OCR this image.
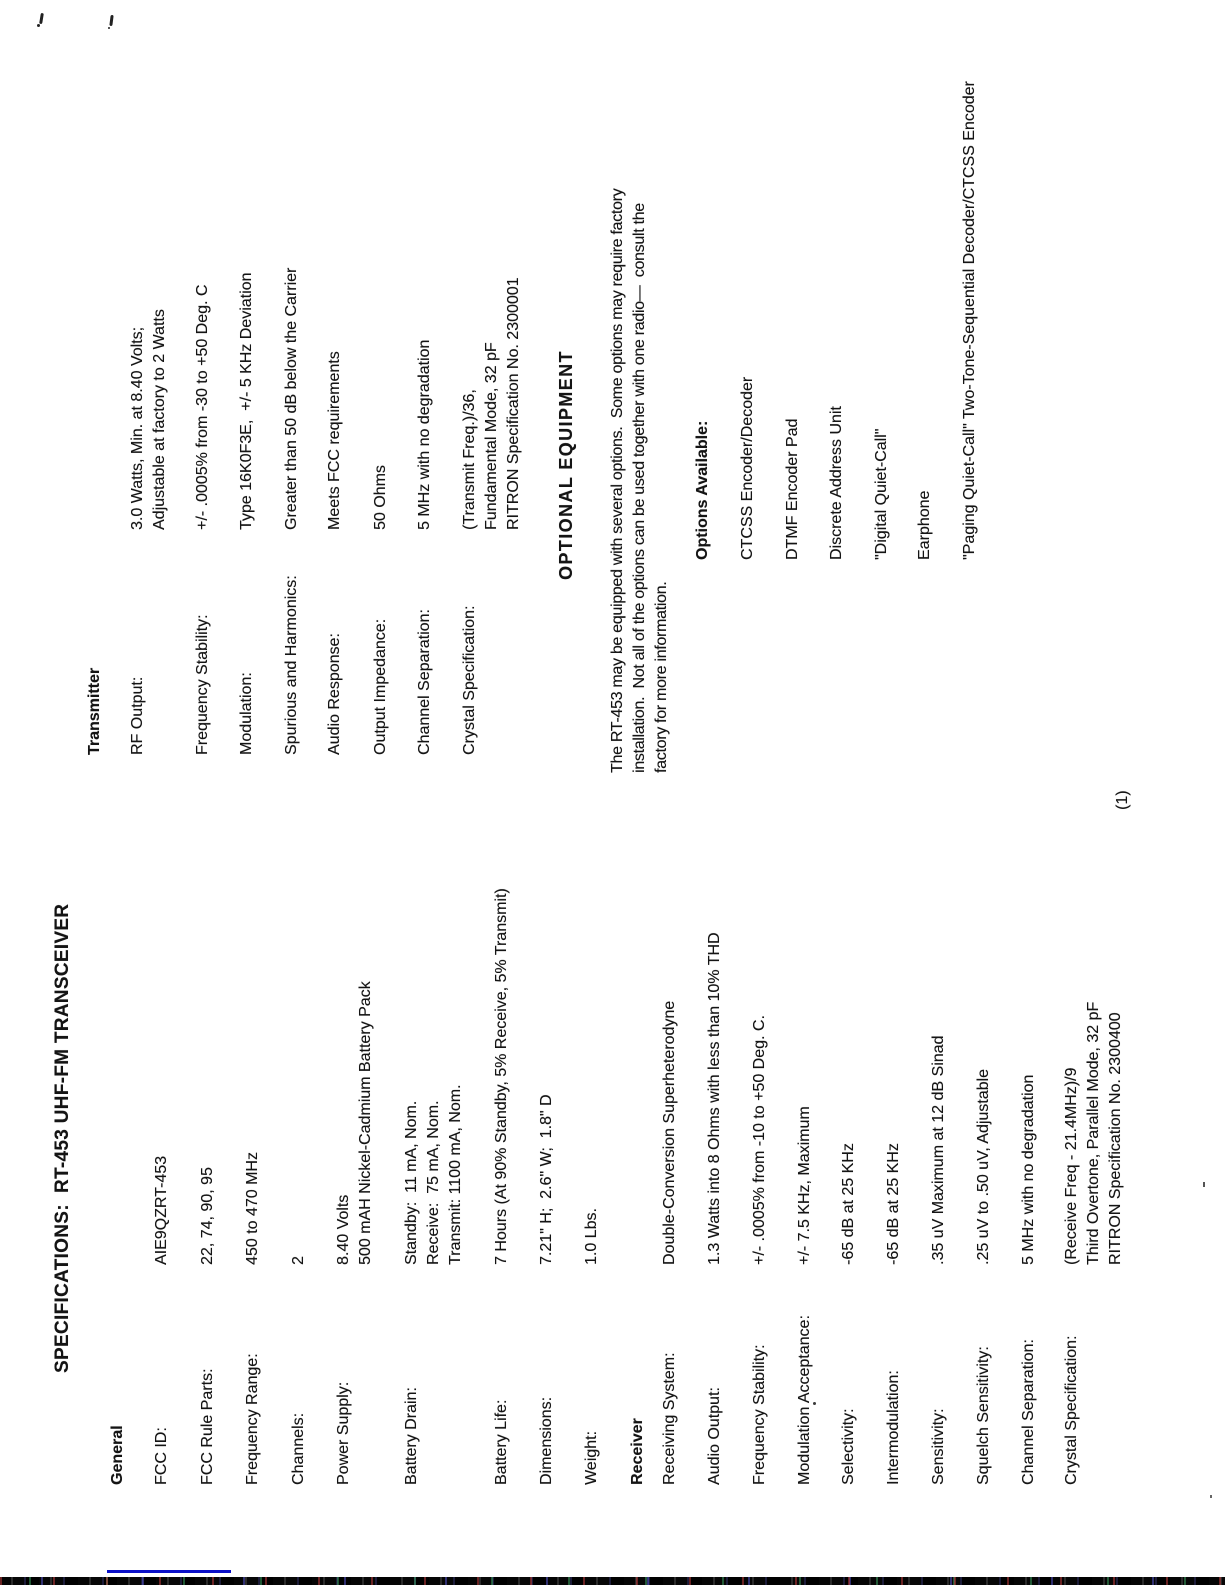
SPECIFICATIONS:  RT-453 UHF-FM TRANSCEIVER
General FCC ID:
AIE9QZRT-453
FCC Rule Parts:
22, 74, 90, 95
Frequency Range:
450 to 470 MHz
Channels:
2
Power Supply:
8.40 Volts 500 mAH Nickel-Cadmium Battery Pack
Battery Drain:
Standby:  11 mA, Nom. Receive:  75 mA, Nom. Transmit: 1100 mA, Nom.
Battery Life:
7 Hours (At 90% Standby, 5% Receive, 5% Transmit)
Dimensions:
7.21" H;  2.6" W;  1.8" D
Weight:
1.0 Lbs.
Receiver Receiving System:
Double-Conversion Superheterodyne
Audio Output:
1.3 Watts into 8 Ohms with less than 10% THD
Frequency Stability:
+/- .0005% from -10 to +50 Deg. C.
Modulation Acceptance:
+/- 7.5 KHz, Maximum
Selectivity:
-65 dB at 25 KHz
Intermodulation:
-65 dB at 25 KHz
Sensitivity:
.35 uV Maximum at 12 dB Sinad
Squelch Sensitivity:
.25 uV to .50 uV, Adjustable
Channel Separation:
5 MHz with no degradation
Crystal Specification:
(Receive Freq - 21.4MHz)/9 Third Overtone, Parallel Mode, 32 pF RITRON Specification No. 2300400
Transmitter RF Output:
3.0 Watts, Min. at 8.40 Volts; Adjustable at factory to 2 Watts
Frequency Stability:
+/- .0005% from -30 to +50 Deg. C
Modulation:
Type 16K0F3E,  +/- 5 KHz Deviation
Spurious and Harmonics:
Greater than 50 dB below the Carrier
Audio Response:
Meets FCC requirements
Output Impedance:
50 Ohms
Channel Separation:
5 MHz with no degradation
Crystal Specification:
(Transmit Freq.)/36, Fundamental Mode, 32 pF RITRON Specification No. 2300001 OPTIONAL EQUIPMENT The RT-453 may be equipped with several options.  Some options may require factory installation.  Not all of the options can be used together with one radio—  consult the factory for more information.
Options Available: CTCSS Encoder/Decoder DTMF Encoder Pad Discrete Address Unit "Digital Quiet-Call" Earphone "Paging Quiet-Call" Two-Tone-Sequential Decoder/CTCSS Encoder
(1)
